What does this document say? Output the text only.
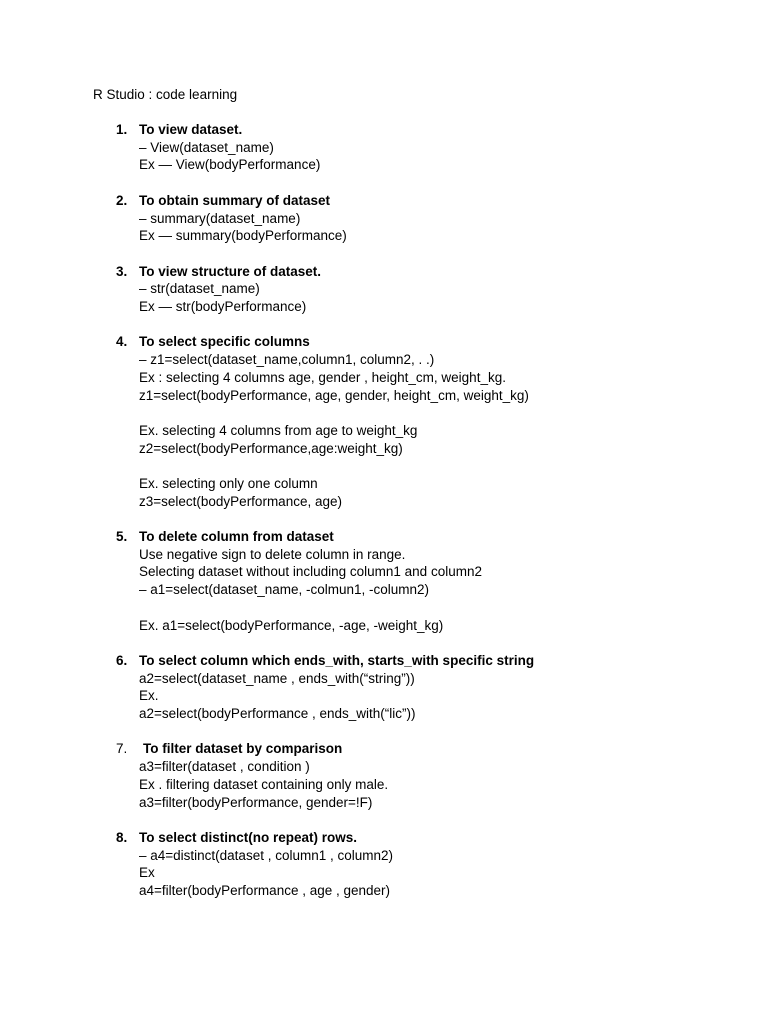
R Studio : code learning
1. To view dataset.
– View(dataset_name)
Ex — View(bodyPerformance)
2. To obtain summary of dataset
– summary(dataset_name)
Ex — summary(bodyPerformance)
3. To view structure of dataset.
– str(dataset_name)
Ex — str(bodyPerformance)
4. To select specific columns
– z1=select(dataset_name,column1, column2, . .)
Ex : selecting 4 columns age, gender , height_cm, weight_kg.
z1=select(bodyPerformance, age, gender, height_cm, weight_kg)
Ex. selecting 4 columns from age to weight_kg
z2=select(bodyPerformance,age:weight_kg)
Ex. selecting only one column
z3=select(bodyPerformance, age)
5. To delete column from dataset
Use negative sign to delete column in range.
Selecting dataset without including column1 and column2
– a1=select(dataset_name, -colmun1, -column2)
Ex. a1=select(bodyPerformance, -age, -weight_kg)
6. To select column which ends_with, starts_with specific string
a2=select(dataset_name , ends_with(“string”))
Ex.
a2=select(bodyPerformance , ends_with(“lic”))
7. To filter dataset by comparison
a3=filter(dataset , condition )
Ex . filtering dataset containing only male.
a3=filter(bodyPerformance, gender=!F)
8. To select distinct(no repeat) rows.
– a4=distinct(dataset , column1 , column2)
Ex
a4=filter(bodyPerformance , age , gender)
